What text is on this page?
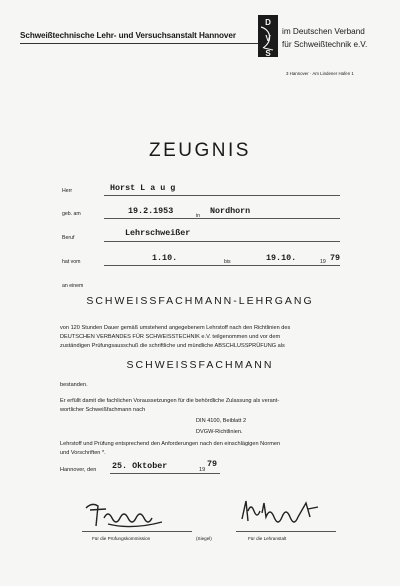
Schweißtechnische Lehr- und Versuchsanstalt Hannover
D
V
S
im Deutschen Verband
für Schweißtechnik e.V.
3 Hannover · Am Lindener Hafen 1
ZEUGNIS
Herr	Horst L a u g
geb. am	19.2.1953	in Nordhorn
Beruf	Lehrschweißer
hat vom	1.10.	bis	19.10.	19 79
an einem
SCHWEISSFACHMANN-LEHRGANG
von 120 Stunden Dauer gemäß umstehend angegebenem Lehrstoff nach den Richtlinien des
DEUTSCHEN VERBANDES FÜR SCHWEISSTECHNIK e.V. teilgenommen und vor dem
zuständigen Prüfungsausschuß die schriftliche und mündliche ABSCHLUSSPRÜFUNG als
SCHWEISSFACHMANN
bestanden.
Er erfüllt damit die fachlichen Voraussetzungen für die behördliche Zulassung als verant-
wortlicher Schweißfachmann nach
DIN 4100, Beiblatt 2
DVGW-Richtlinien.
Lehrstoff und Prüfung entsprechend den Anforderungen nach den einschlägigen Normen
und Vorschriften *.
Hannover, den 25. Oktober	19
79
Für die Prüfungskommission	(Siegel)	Für die Lehranstalt
